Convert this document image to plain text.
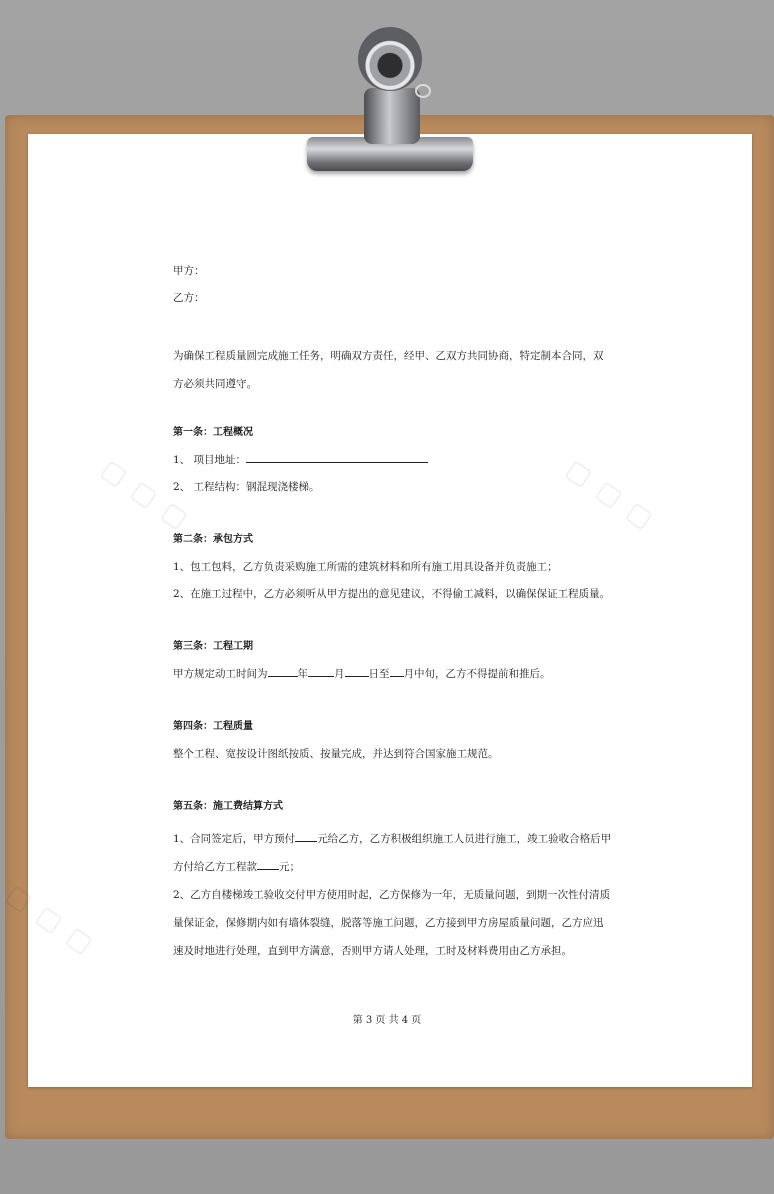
▢ ▢ ▢	▢ ▢ ▢
▢ ▢ ▢
甲方：
乙方：
为确保工程质量圆完成施工任务，明确双方责任，经甲、乙双方共同协商，特定制本合同，双方必须共同遵守。
第一条：工程概况
1、 项目地址：
2、 工程结构：钢混现浇楼梯。
第二条：承包方式
1、包工包料，乙方负责采购施工所需的建筑材料和所有施工用具设备并负责施工；
2、在施工过程中，乙方必须听从甲方提出的意见建议，不得偷工减料，以确保保证工程质量。
第三条：工程工期
甲方规定动工时间为	年 月 日至 月中旬，乙方不得提前和推后。
第四条：工程质量
整个工程、宽按设计图纸按质、按量完成，并达到符合国家施工规范。
第五条：施工费结算方式
1、合同签定后，甲方预付 元给乙方，乙方积极组织施工人员进行施工，竣工验收合格后甲方付给乙方工程款 元；
2、乙方自楼梯竣工验收交付甲方使用时起，乙方保修为一年，无质量问题，到期一次性付清质量保证金，保修期内如有墙体裂缝，脱落等施工问题，乙方接到甲方房屋质量问题，乙方应迅速及时地进行处理，直到甲方满意，否则甲方请人处理，工时及材料费用由乙方承担。
第 3 页 共 4 页
